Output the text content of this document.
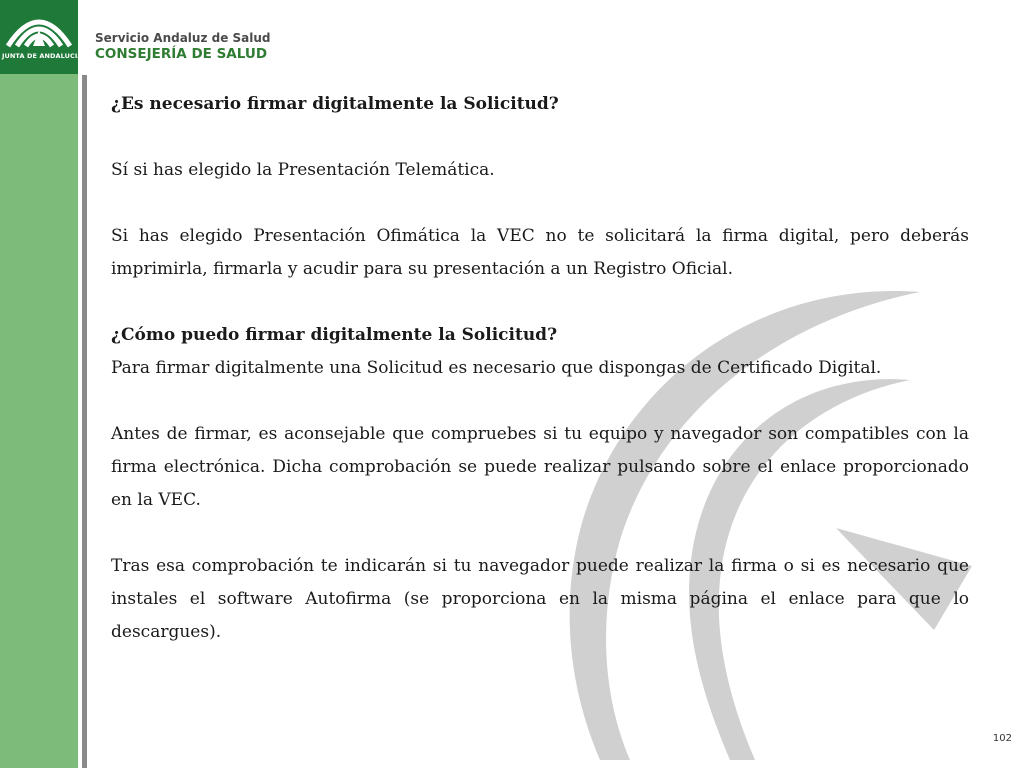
JUNTA DE ANDALUCIA
Servicio Andaluz de Salud
CONSEJERÍA DE SALUD

¿Es necesario firmar digitalmente la Solicitud?

Sí si has elegido la Presentación Telemática.

Si has elegido Presentación Ofimática la VEC no te solicitará la firma digital, pero deberás imprimirla, firmarla y acudir para su presentación a un Registro Oficial.

¿Cómo puedo firmar digitalmente la Solicitud?

Para firmar digitalmente una Solicitud es necesario que dispongas de Certificado Digital.

Antes de firmar, es aconsejable que compruebes si tu equipo y navegador son compatibles con la firma electrónica. Dicha comprobación se puede realizar pulsando sobre el enlace proporcionado en la VEC.

Tras esa comprobación te indicarán si tu navegador puede realizar la firma o si es necesario que instales el software Autofirma (se proporciona en la misma página el enlace para que lo descargues).

102
